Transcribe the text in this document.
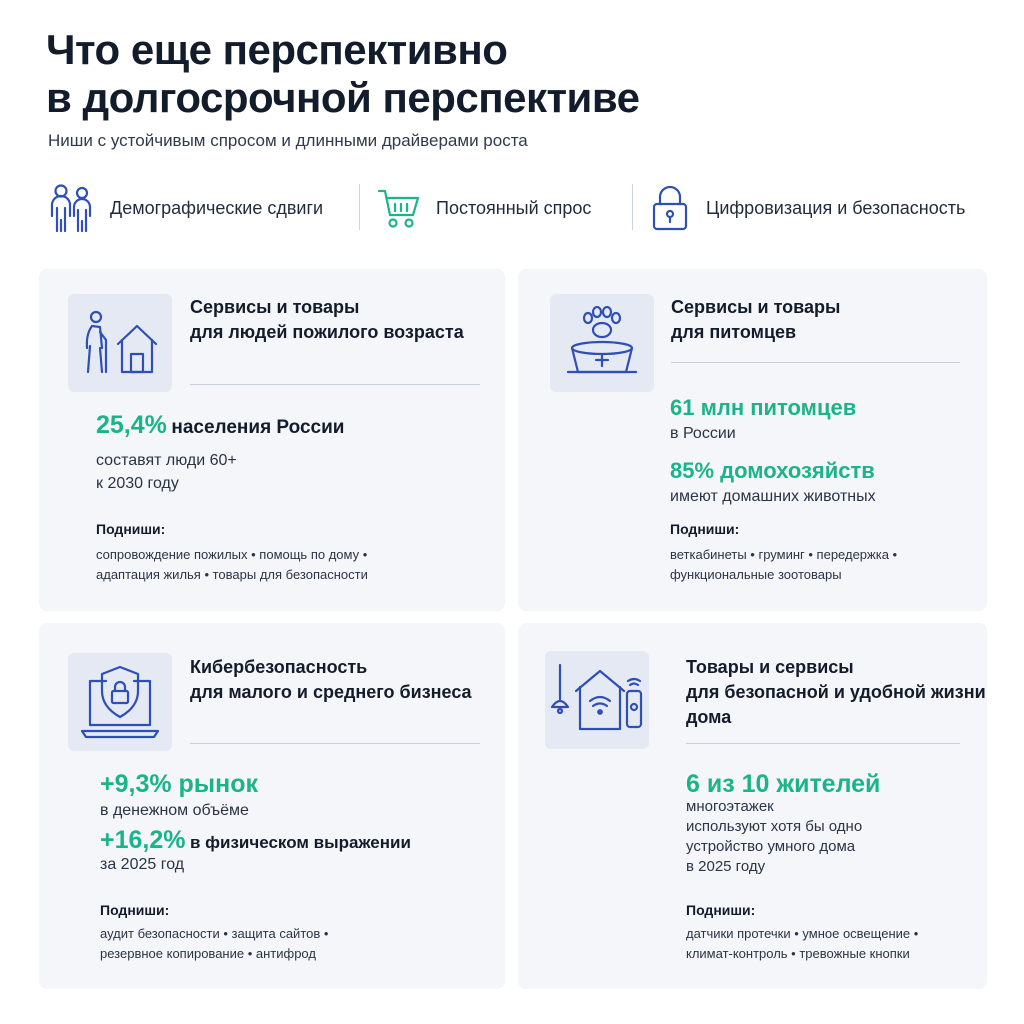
Что еще перспективно
в долгосрочной перспективе
Ниши с устойчивым спросом и длинными драйверами роста
Демографические сдвиги	Постоянный спрос	Цифровизация и безопасность
Сервисы и товары
для людей пожилого возраста
25,4% населения России
составят люди 60+
к 2030 году
Подниши:
сопровождение пожилых • помощь по дому •
адаптация жилья • товары для безопасности
Сервисы и товары
для питомцев
61 млн питомцев
в России
85% домохозяйств
имеют домашних животных
Подниши:
веткабинеты • груминг • передержка •
функциональные зоотовары
Кибербезопасность
для малого и среднего бизнеса
+9,3% рынок
в денежном объёме
+16,2% в физическом выражении
за 2025 год
Подниши:
аудит безопасности • защита сайтов •
резервное копирование • антифрод
Товары и сервисы
для безопасной и удобной жизни
дома
6 из 10 жителей
многоэтажек
используют хотя бы одно
устройство умного дома
в 2025 году
Подниши:
датчики протечки • умное освещение •
климат-контроль • тревожные кнопки
